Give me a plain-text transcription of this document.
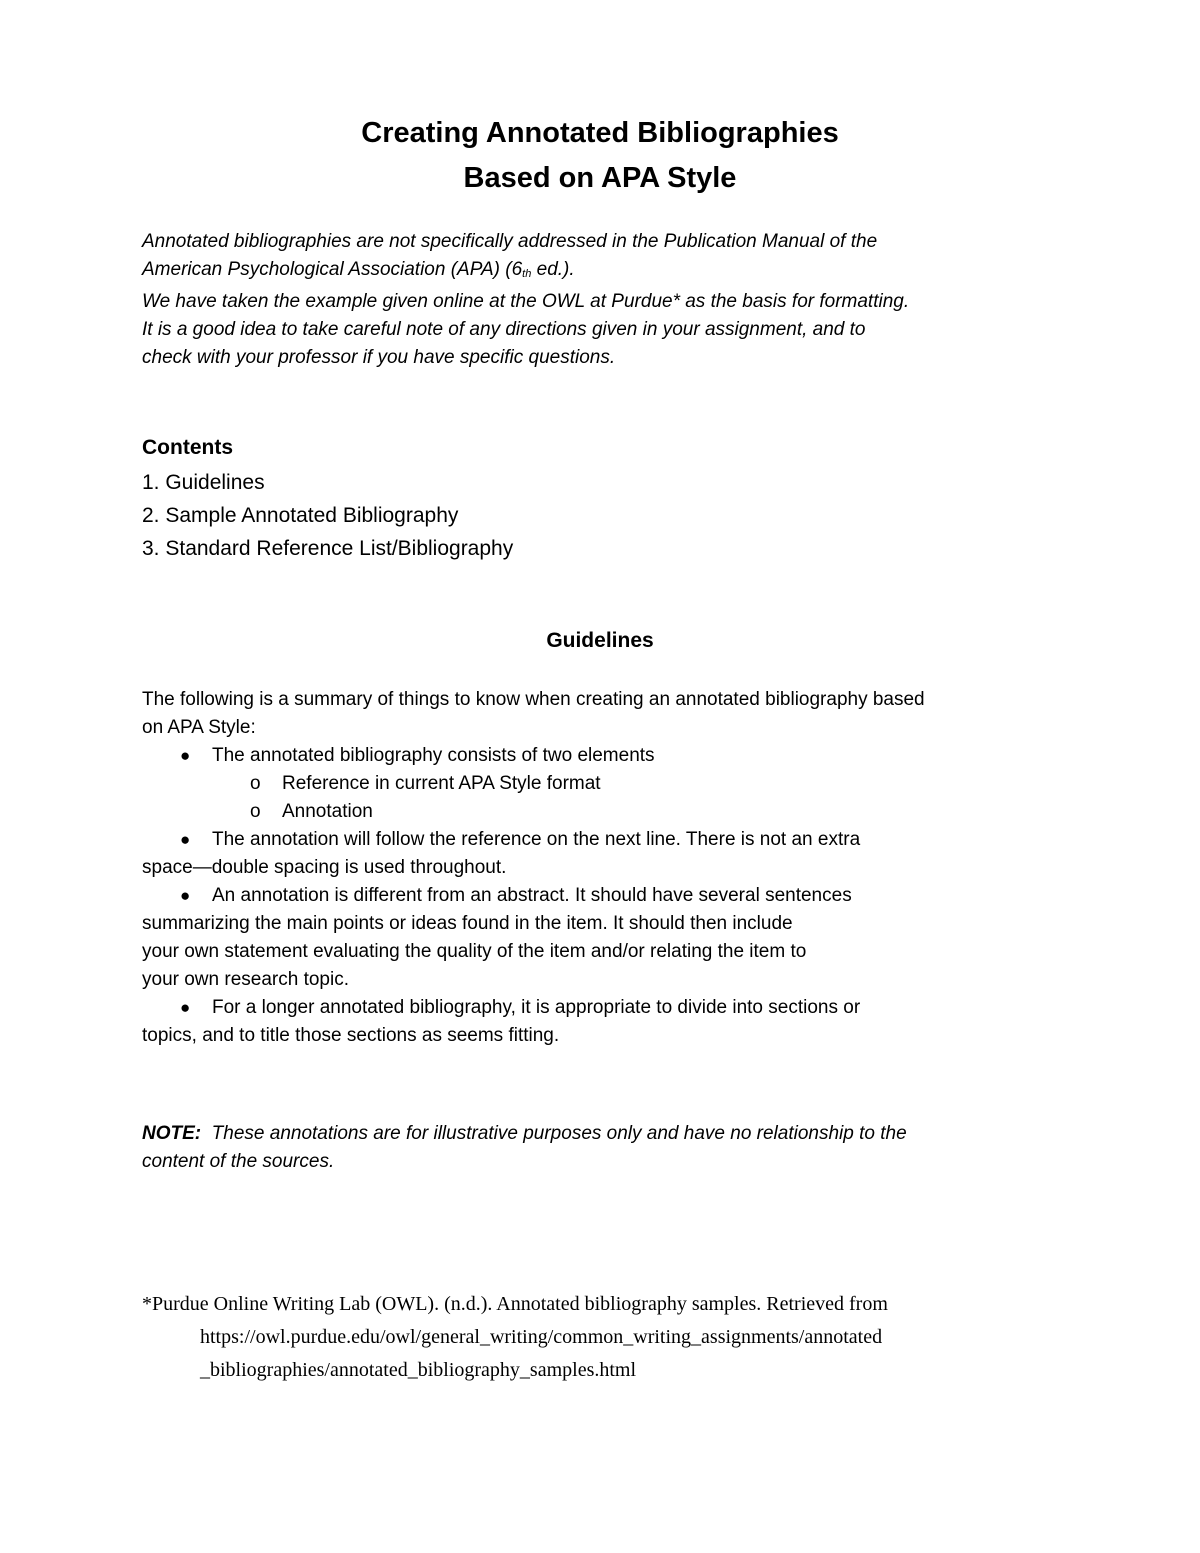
Creating Annotated Bibliographies
Based on APA Style
Annotated bibliographies are not specifically addressed in the Publication Manual of the
American Psychological Association (APA) ($6_{th}$ ed.).
We have taken the example given online at the OWL at Purdue* as the basis for formatting.
It is a good idea to take careful note of any directions given in your assignment, and to
check with your professor if you have specific questions.
Contents
1. Guidelines
2. Sample Annotated Bibliography
3. Standard Reference List/Bibliography
Guidelines
The following is a summary of things to know when creating an annotated bibliography based
on APA Style:
● The annotated bibliography consists of two elements
o Reference in current APA Style format
o Annotation
● The annotation will follow the reference on the next line. There is not an extra
space—double spacing is used throughout.
● An annotation is different from an abstract. It should have several sentences
summarizing the main points or ideas found in the item. It should then include
your own statement evaluating the quality of the item and/or relating the item to
your own research topic.
● For a longer annotated bibliography, it is appropriate to divide into sections or
topics, and to title those sections as seems fitting.
NOTE:  These annotations are for illustrative purposes only and have no relationship to the
content of the sources.
*Purdue Online Writing Lab (OWL). (n.d.). Annotated bibliography samples. Retrieved from
https://owl.purdue.edu/owl/general_writing/common_writing_assignments/annotated
_bibliographies/annotated_bibliography_samples.html
